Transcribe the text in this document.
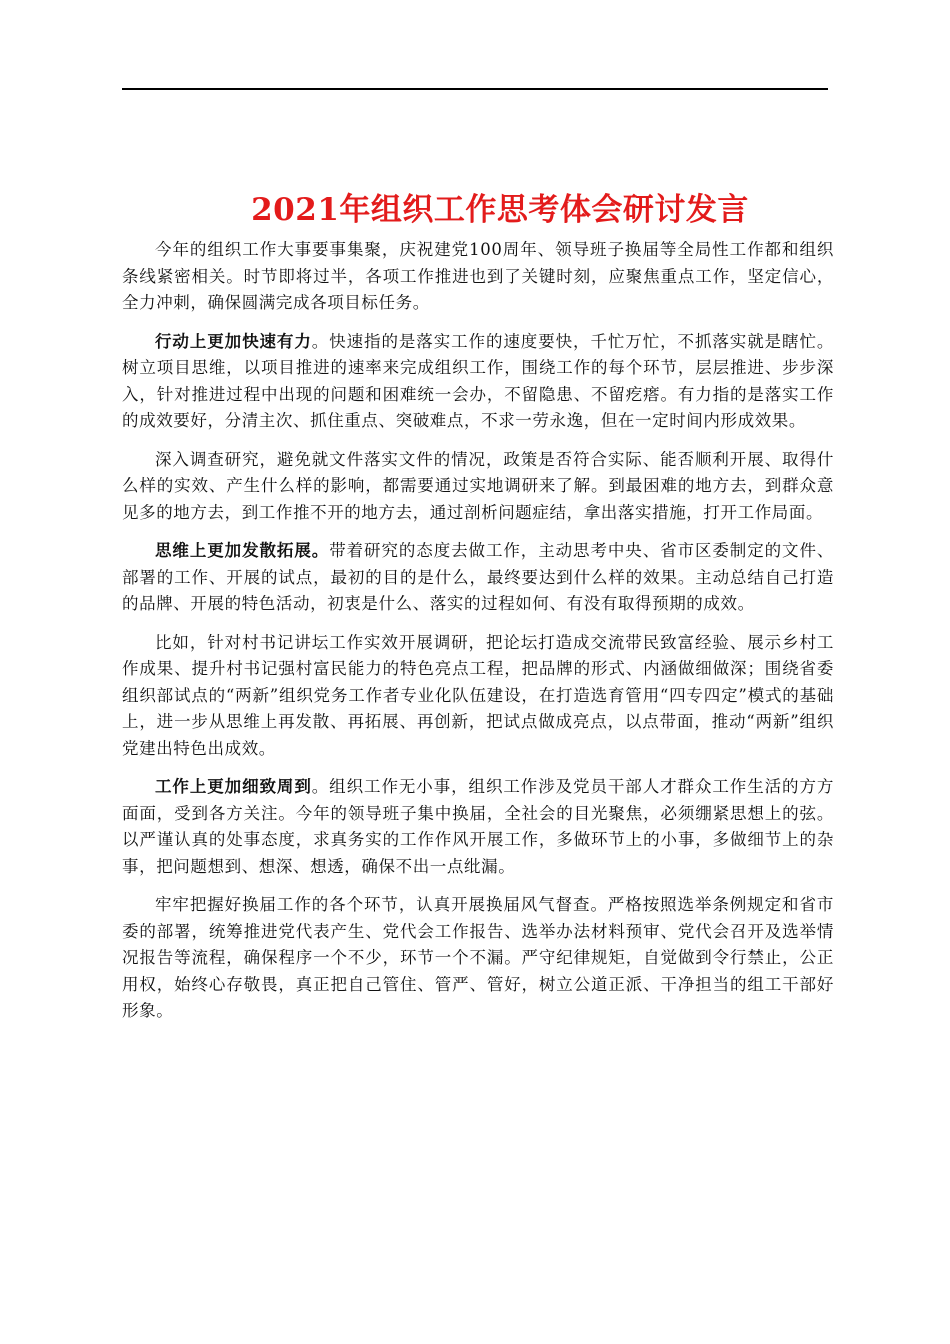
2021年组织工作思考体会研讨发言

今年的组织工作大事要事集聚，庆祝建党100周年、领导班子换届等全局性工作都和组织条线紧密相关。时节即将过半，各项工作推进也到了关键时刻，应聚焦重点工作，坚定信心，全力冲刺，确保圆满完成各项目标任务。

行动上更加快速有力。快速指的是落实工作的速度要快，千忙万忙，不抓落实就是瞎忙。树立项目思维，以项目推进的速率来完成组织工作，围绕工作的每个环节，层层推进、步步深入，针对推进过程中出现的问题和困难统一会办，不留隐患、不留疙瘩。有力指的是落实工作的成效要好，分清主次、抓住重点、突破难点，不求一劳永逸，但在一定时间内形成效果。

深入调查研究，避免就文件落实文件的情况，政策是否符合实际、能否顺利开展、取得什么样的实效、产生什么样的影响，都需要通过实地调研来了解。到最困难的地方去，到群众意见多的地方去，到工作推不开的地方去，通过剖析问题症结，拿出落实措施，打开工作局面。

思维上更加发散拓展。带着研究的态度去做工作，主动思考中央、省市区委制定的文件、部署的工作、开展的试点，最初的目的是什么，最终要达到什么样的效果。主动总结自己打造的品牌、开展的特色活动，初衷是什么、落实的过程如何、有没有取得预期的成效。

比如，针对村书记讲坛工作实效开展调研，把论坛打造成交流带民致富经验、展示乡村工作成果、提升村书记强村富民能力的特色亮点工程，把品牌的形式、内涵做细做深；围绕省委组织部试点的“两新”组织党务工作者专业化队伍建设，在打造选育管用“四专四定”模式的基础上，进一步从思维上再发散、再拓展、再创新，把试点做成亮点，以点带面，推动“两新”组织党建出特色出成效。

工作上更加细致周到。组织工作无小事，组织工作涉及党员干部人才群众工作生活的方方面面，受到各方关注。今年的领导班子集中换届，全社会的目光聚焦，必须绷紧思想上的弦。以严谨认真的处事态度，求真务实的工作作风开展工作，多做环节上的小事，多做细节上的杂事，把问题想到、想深、想透，确保不出一点纰漏。

牢牢把握好换届工作的各个环节，认真开展换届风气督查。严格按照选举条例规定和省市委的部署，统筹推进党代表产生、党代会工作报告、选举办法材料预审、党代会召开及选举情况报告等流程，确保程序一个不少，环节一个不漏。严守纪律规矩，自觉做到令行禁止，公正用权，始终心存敬畏，真正把自己管住、管严、管好，树立公道正派、干净担当的组工干部好形象。
